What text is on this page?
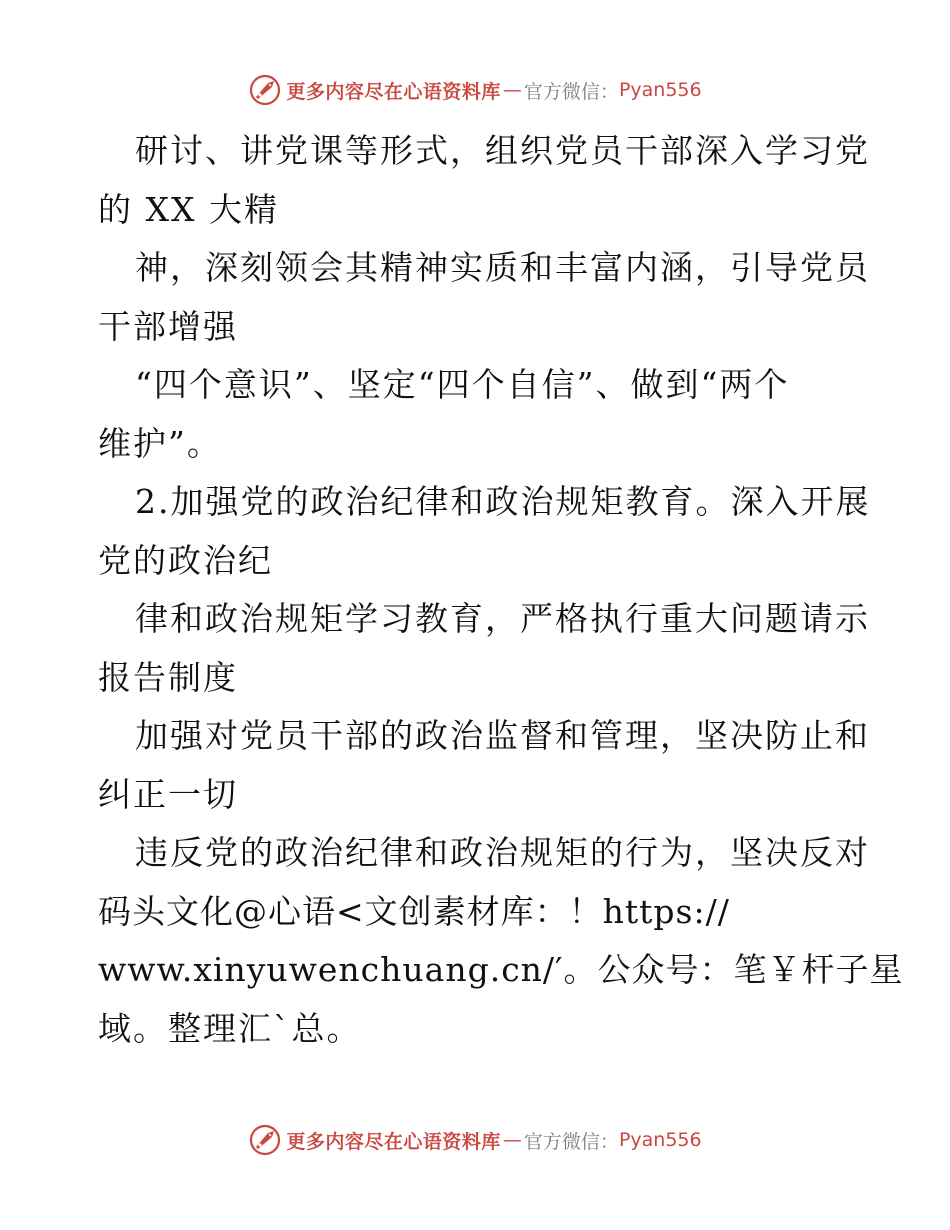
更多内容尽在心语资料库 — 官方微信： Pyan556
研讨、讲党课等形式，组织党员干部深入学习党
的 XX 大精
神，深刻领会其精神实质和丰富内涵，引导党员
干部增强
“四个意识”、坚定“四个自信”、做到“两个
维护”。
2.加强党的政治纪律和政治规矩教育。深入开展
党的政治纪
律和政治规矩学习教育，严格执行重大问题请示
报告制度
加强对党员干部的政治监督和管理，坚决防止和
纠正一切
违反党的政治纪律和政治规矩的行为，坚决反对
码头文化@心语<文创素材库：！https://
www.xinyuwenchuang.cn/′。公众号：笔￥杆子星
域。整理汇`总。
更多内容尽在心语资料库 — 官方微信： Pyan556
